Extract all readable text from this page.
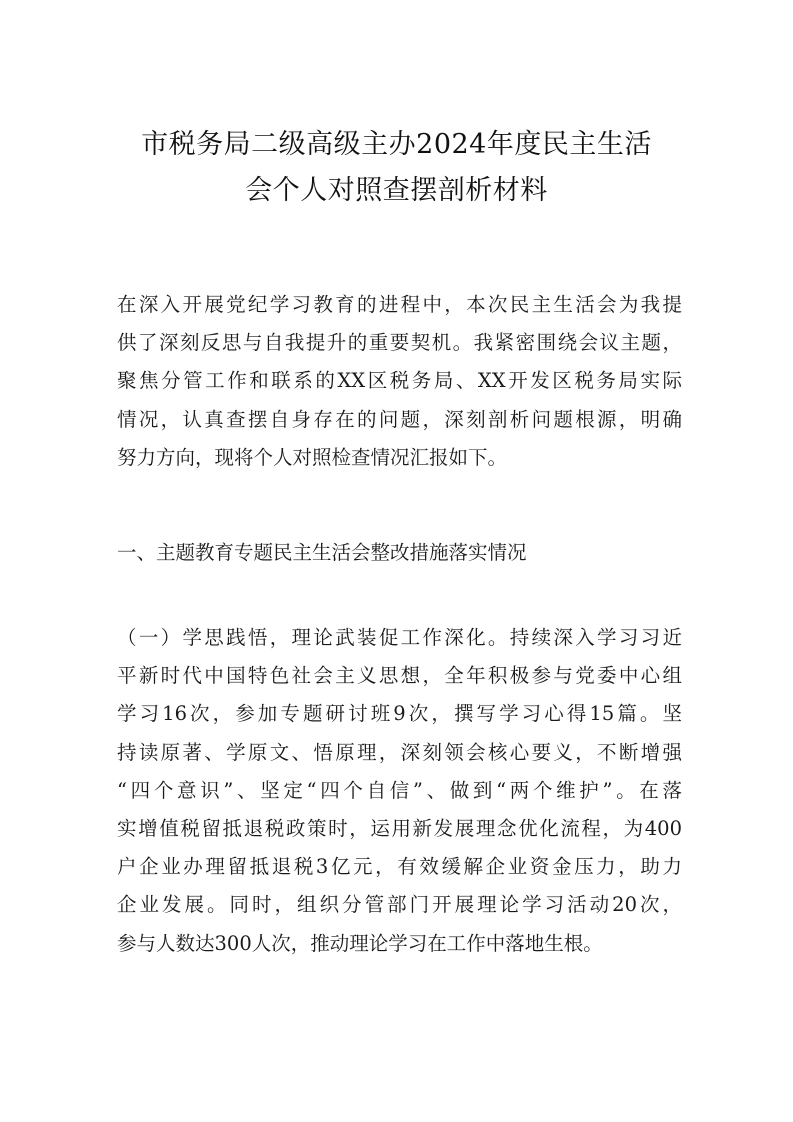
市税务局二级高级主办2024年度民主生活
会个人对照查摆剖析材料
在深入开展党纪学习教育的进程中，本次民主生活会为我提
供了深刻反思与自我提升的重要契机。我紧密围绕会议主题，
聚焦分管工作和联系的XX区税务局、XX开发区税务局实际
情况，认真查摆自身存在的问题，深刻剖析问题根源，明确
努力方向，现将个人对照检查情况汇报如下。
一、主题教育专题民主生活会整改措施落实情况
（一）学思践悟，理论武装促工作深化。持续深入学习习近
平新时代中国特色社会主义思想，全年积极参与党委中心组
学习16次，参加专题研讨班9次，撰写学习心得15篇。坚
持读原著、学原文、悟原理，深刻领会核心要义，不断增强
“四个意识”、坚定“四个自信”、做到“两个维护”。在落
实增值税留抵退税政策时，运用新发展理念优化流程，为400
户企业办理留抵退税3亿元，有效缓解企业资金压力，助力
企业发展。同时，组织分管部门开展理论学习活动20次，
参与人数达300人次，推动理论学习在工作中落地生根。
